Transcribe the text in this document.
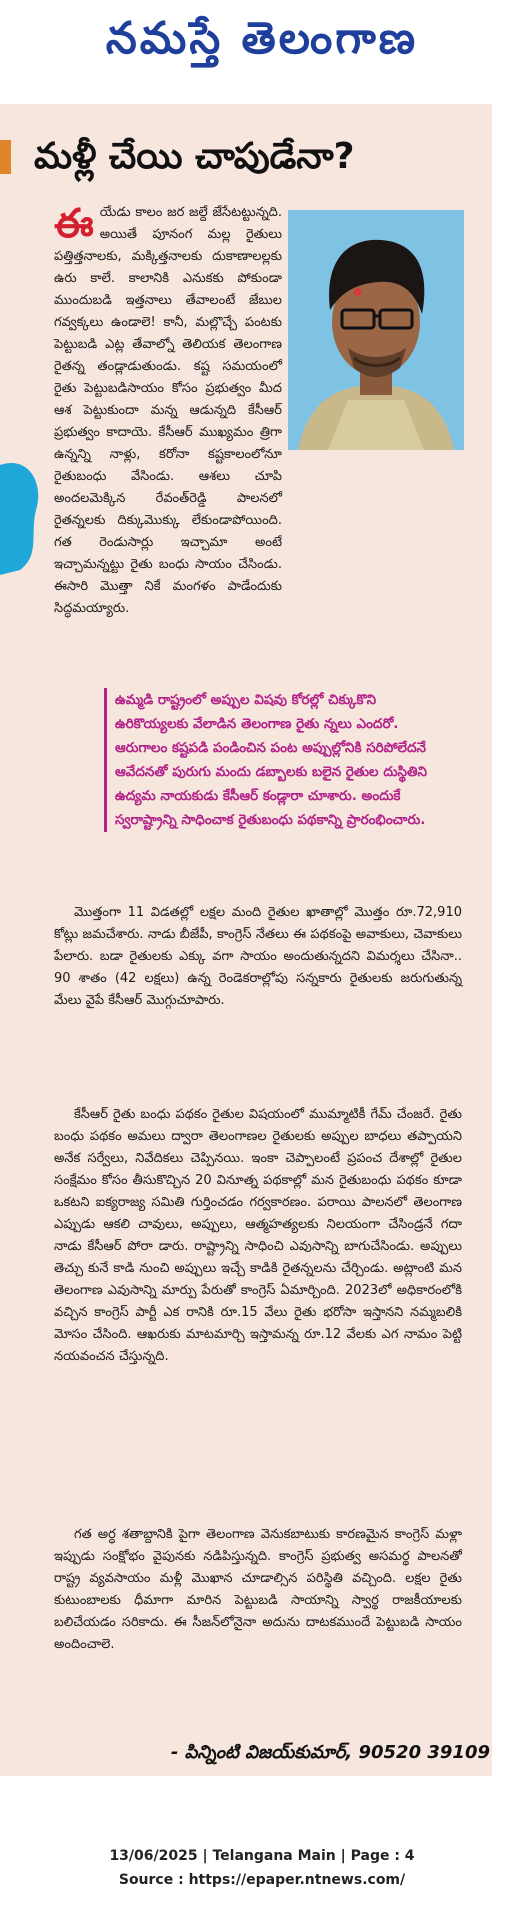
నమస్తే తెలంగాణ
మళ్లీ చేయి చాపుడేనా?
ఈ యేడు కాలం జర జల్దే జేసేటట్టున్నది. అయితే పూనంగ మల్ల రైతులు పత్తిత్తనాలకు, మక్కిత్తనాలకు దుకాణాలల్లకు ఉరు కాలే. కాలానికి ఎనుకకు పోకుండా ముందుబడి ఇత్తనాలు తేవాలంటే జేబుల గవ్వక్కలు ఉండాలె! కానీ, మల్లొచ్చే పంటకు పెట్టుబడి ఎట్ల తేవాల్నో తెలియక తెలంగాణ రైతన్న తండ్లాడుతుండు. కష్ట సమయంలో రైతు పెట్టుబడిసాయం కోసం ప్రభుత్వం మీద ఆశ పెట్టుకుందా మన్న ఆడున్నది కేసీఆర్ ప్రభుత్వం కాదాయె. కేసీఆర్ ముఖ్యమం త్రిగా ఉన్నన్ని నాళ్లు, కరోనా కష్టకాలంలోనూ రైతుబంధు వేసిండు. ఆశలు చూపి అందలమెక్కిన రేవంత్‌రెడ్డి పాలనలో రైతన్నలకు దిక్కుమొక్కు లేకుండాపోయింది. గత రెండుసార్లు ఇచ్చామా అంటే ఇచ్చామన్నట్టు రైతు బంధు సాయం చేసిండు. ఈసారి మొత్తా నికే మంగళం పాడేందుకు సిద్ధమయ్యారు.
ఉమ్మడి రాష్ట్రంలో అప్పుల విషవు కోరల్లో చిక్కుకొని ఉరికొయ్యలకు వేలాడిన తెలంగాణ రైతు న్నలు ఎందరో. ఆరుగాలం కష్టపడి పండించిన పంట అప్పుల్లోనికి సరిపోలేదనే ఆవేదనతో పురుగు మందు డబ్బాలకు బలైన రైతుల దుస్థితిని ఉద్యమ నాయకుడు కేసీఆర్ కండ్లారా చూశారు. అందుకే స్వరాష్ట్రాన్ని సాధించాక రైతుబంధు పథకాన్ని ప్రారంభించారు.

మొత్తంగా 11 విడతల్లో లక్షల మంది రైతుల ఖాతాల్లో మొత్తం రూ.72,910 కోట్లు జమచేశారు. నాడు బీజేపీ, కాంగ్రెస్ నేతలు ఈ పథకంపై అవాకులు, చెవాకులు పేలారు. బడా రైతులకు ఎక్కు వగా సాయం అందుతున్నదని విమర్శలు చేసినా.. 90 శాతం (42 లక్షలు) ఉన్న రెండెకరాల్లోపు సన్నకారు రైతులకు జరుగుతున్న మేలు వైపే కేసీఆర్ మొగ్గుచూపారు.

కేసీఆర్ రైతు బంధు పథకం రైతుల విషయంలో ముమ్మాటికీ గేమ్ చేంజరే. రైతు బంధు పథకం అమలు ద్వారా తెలంగాణల రైతులకు అప్పుల బాధలు తప్పాయని అనేక సర్వేలు, నివేదికలు చెప్పినయి. ఇంకా చెప్పాలంటే ప్రపంచ దేశాల్లో రైతుల సంక్షేమం కోసం తీసుకొచ్చిన 20 వినూత్న పథకాల్లో మన రైతుబంధు పథకం కూడా ఒకటని ఐక్యరాజ్య సమితి గుర్తించడం గర్వకారణం. పరాయి పాలనలో తెలంగాణ ఎప్పుడు ఆకలి చావులు, అప్పులు, ఆత్మహత్యలకు నిలయంగా చేసిండ్రనే గదా నాడు కేసీఆర్ పోరా డారు. రాష్ట్రాన్ని సాధించి ఎవుసాన్ని బాగుచేసిండు. అప్పులు తెచ్చు కునే కాడి నుంచి అప్పులు ఇచ్చే కాడికి రైతన్నలను చేర్చిండు. అట్లాంటి మన తెలంగాణ ఎవుసాన్ని మార్పు పేరుతో కాంగ్రెస్ ఏమార్చింది. 2023లో అధికారంలోకి వచ్చిన కాంగ్రెస్ పార్టీ ఎక రానికి రూ.15 వేలు రైతు భరోసా ఇస్తానని నమ్మబలికి మోసం చేసింది. ఆఖరుకు మాటమార్చి ఇస్తామన్న రూ.12 వేలకు ఎగ నామం పెట్టి నయవంచన చేస్తున్నది.

గత అర్ధ శతాబ్దానికి పైగా తెలంగాణ వెనుకబాటుకు కారణమైన కాంగ్రెస్ మళ్లా ఇప్పుడు సంక్షోభం వైపునకు నడిపిస్తున్నది. కాంగ్రెస్ ప్రభుత్వ అసమర్థ పాలనతో రాష్ట్ర వ్యవసాయం మళ్లీ మొఖాన చూడాల్సిన పరిస్థితి వచ్చింది. లక్షల రైతు కుటుంబాలకు ధీమాగా మారిన పెట్టుబడి సాయాన్ని స్వార్థ రాజకీయాలకు బలిచేయడం సరికాదు. ఈ సీజన్‌లోనైనా అదును దాటకముందే పెట్టుబడి సాయం అందించాలె.

- పిన్నింటి విజయ్‌కుమార్, 90520 39109
13/06/2025 | Telangana Main | Page : 4
Source : https://epaper.ntnews.com/
